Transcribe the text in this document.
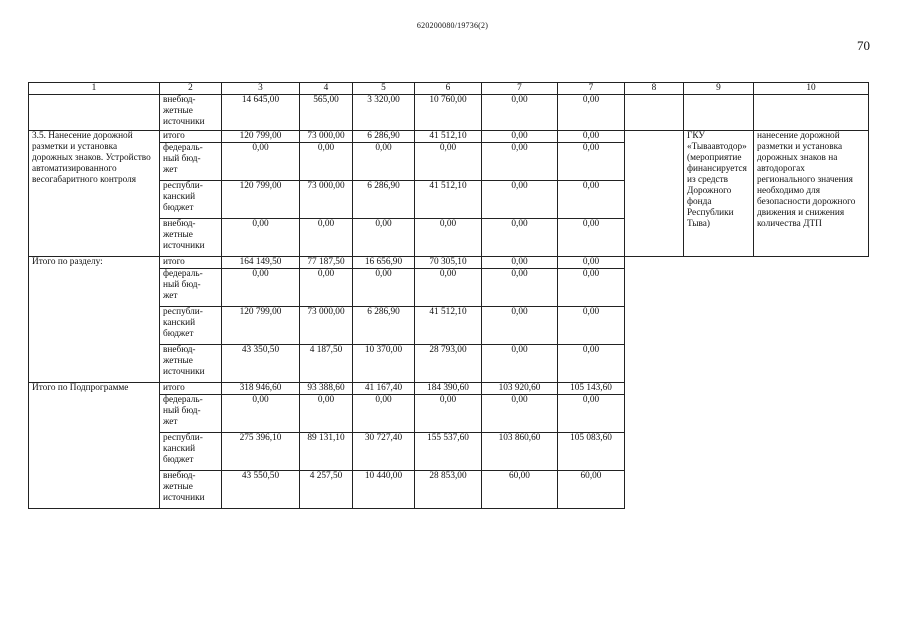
620200080/19736(2)
70
1	2	3	4	5	6	7	7	8	9	10
	внебюд-
жетные
источники	14 645,00	565,00	3 320,00	10 760,00	0,00	0,00			
3.5. Нанесение дорожной разметки и установка дорожных знаков. Устройство автоматизированного весогабаритного контроля	итого	120 799,00	73 000,00	6 286,90	41 512,10	0,00	0,00		ГКУ «Тываавтодор» (мероприятие финансируется из средств Дорожного фонда Республики Тыва)	нанесение дорожной разметки и установка дорожных знаков на автодорогах регионального значения необходимо для безопасности дорожного движения и снижения количества ДТП
	федераль-
ный бюд-
жет	0,00	0,00	0,00	0,00	0,00	0,00			
	республи-
канский
бюджет	120 799,00	73 000,00	6 286,90	41 512,10	0,00	0,00			
	внебюд-
жетные
источники	0,00	0,00	0,00	0,00	0,00	0,00			
Итого по разделу:	итого	164 149,50	77 187,50	16 656,90	70 305,10	0,00	0,00			
	федераль-
ный бюд-
жет	0,00	0,00	0,00	0,00	0,00	0,00			
	республи-
канский
бюджет	120 799,00	73 000,00	6 286,90	41 512,10	0,00	0,00			
	внебюд-
жетные
источники	43 350,50	4 187,50	10 370,00	28 793,00	0,00	0,00			
Итого по Подпрограмме	итого	318 946,60	93 388,60	41 167,40	184 390,60	103 920,60	105 143,60			
	федераль-
ный бюд-
жет	0,00	0,00	0,00	0,00	0,00	0,00			
	республи-
канский
бюджет	275 396,10	89 131,10	30 727,40	155 537,60	103 860,60	105 083,60			
	внебюд-
жетные
источники	43 550,50	4 257,50	10 440,00	28 853,00	60,00	60,00			
